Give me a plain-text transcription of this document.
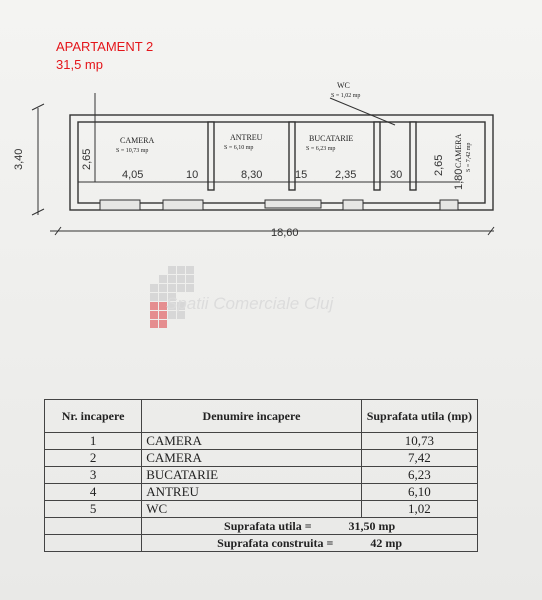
APARTAMENT 2
31,5 mp
3,40	2,65	2,65
4,05	10	8,30	15	2,35	30	1,80
18,60
CAMERA
S = 10,73 mp
ANTREU
S = 6,10 mp
BUCATARIE
S = 6,23 mp
WC
S = 1,02 mp
CAMERA S = 7,42 mp
Spatii Comerciale Cluj
Nr. incapere	Denumire incapere	Suprafata utila (mp)
1	CAMERA	10,73
2	CAMERA	7,42
3	BUCATARIE	6,23
4	ANTREU	6,10
5	WC	1,02
	Suprafata utila = 31,50 mp	
	Suprafata construita = 42 mp	
